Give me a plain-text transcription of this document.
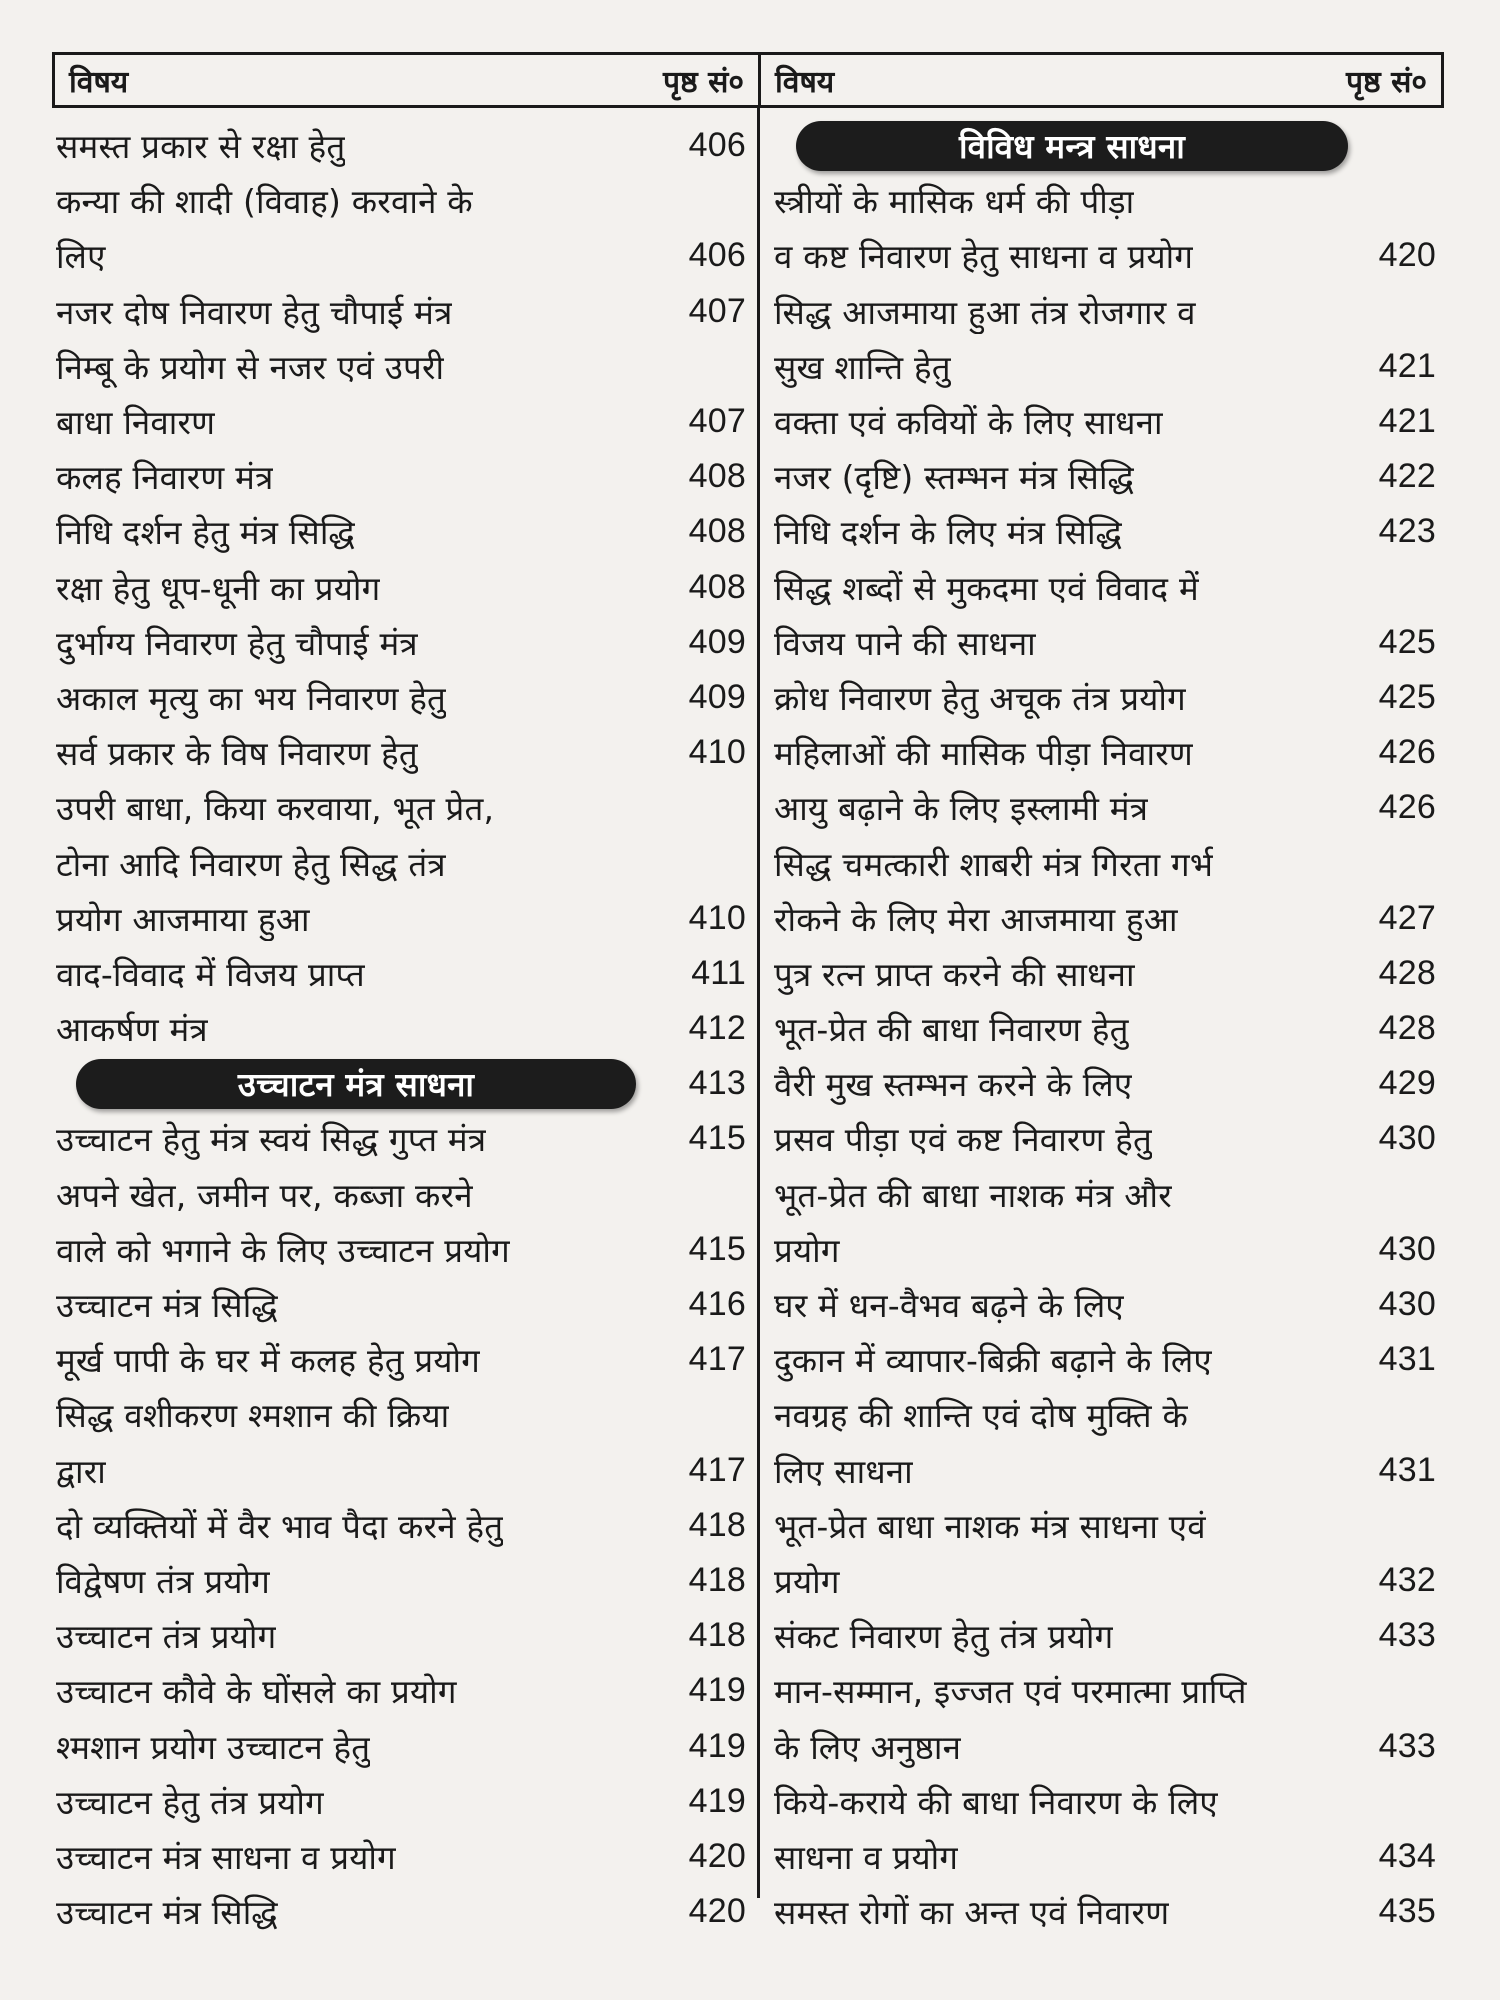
विषय	पृष्ठ सं० विषय	पृष्ठ सं०
समस्त प्रकार से रक्षा हेतु	406
कन्या की शादी (विवाह) करवाने के
लिए	406
नजर दोष निवारण हेतु चौपाई मंत्र	407
निम्बू के प्रयोग से नजर एवं उपरी
बाधा निवारण	407
कलह निवारण मंत्र	408
निधि दर्शन हेतु मंत्र सिद्धि	408
रक्षा हेतु धूप-धूनी का प्रयोग	408
दुर्भाग्य निवारण हेतु चौपाई मंत्र	409
अकाल मृत्यु का भय निवारण हेतु	409
सर्व प्रकार के विष निवारण हेतु	410
उपरी बाधा, किया करवाया, भूत प्रेत,
टोना आदि निवारण हेतु सिद्ध तंत्र
प्रयोग आजमाया हुआ	410
वाद-विवाद में विजय प्राप्त	411
आकर्षण मंत्र	412
उच्चाटन मंत्र साधना	413
उच्चाटन हेतु मंत्र स्वयं सिद्ध गुप्त मंत्र	415
अपने खेत, जमीन पर, कब्जा करने
वाले को भगाने के लिए उच्चाटन प्रयोग	415
उच्चाटन मंत्र सिद्धि	416
मूर्ख पापी के घर में कलह हेतु प्रयोग	417
सिद्ध वशीकरण श्मशान की क्रिया
द्वारा	417
दो व्यक्तियों में वैर भाव पैदा करने हेतु	418
विद्वेषण तंत्र प्रयोग	418
उच्चाटन तंत्र प्रयोग	418
उच्चाटन कौवे के घोंसले का प्रयोग	419
श्मशान प्रयोग उच्चाटन हेतु	419
उच्चाटन हेतु तंत्र प्रयोग	419
उच्चाटन मंत्र साधना व प्रयोग	420
उच्चाटन मंत्र सिद्धि	420
विविध मन्त्र साधना
स्त्रीयों के मासिक धर्म की पीड़ा
व कष्ट निवारण हेतु साधना व प्रयोग	420
सिद्ध आजमाया हुआ तंत्र रोजगार व
सुख शान्ति हेतु	421
वक्ता एवं कवियों के लिए साधना	421
नजर (दृष्टि) स्तम्भन मंत्र सिद्धि	422
निधि दर्शन के लिए मंत्र सिद्धि	423
सिद्ध शब्दों से मुकदमा एवं विवाद में
विजय पाने की साधना	425
क्रोध निवारण हेतु अचूक तंत्र प्रयोग	425
महिलाओं की मासिक पीड़ा निवारण	426
आयु बढ़ाने के लिए इस्लामी मंत्र	426
सिद्ध चमत्कारी शाबरी मंत्र गिरता गर्भ
रोकने के लिए मेरा आजमाया हुआ	427
पुत्र रत्न प्राप्त करने की साधना	428
भूत-प्रेत की बाधा निवारण हेतु	428
वैरी मुख स्तम्भन करने के लिए	429
प्रसव पीड़ा एवं कष्ट निवारण हेतु	430
भूत-प्रेत की बाधा नाशक मंत्र और
प्रयोग	430
घर में धन-वैभव बढ़ने के लिए	430
दुकान में व्यापार-बिक्री बढ़ाने के लिए	431
नवग्रह की शान्ति एवं दोष मुक्ति के
लिए साधना	431
भूत-प्रेत बाधा नाशक मंत्र साधना एवं
प्रयोग	432
संकट निवारण हेतु तंत्र प्रयोग	433
मान-सम्मान, इज्जत एवं परमात्मा प्राप्ति
के लिए अनुष्ठान	433
किये-कराये की बाधा निवारण के लिए
साधना व प्रयोग	434
समस्त रोगों का अन्त एवं निवारण	435
